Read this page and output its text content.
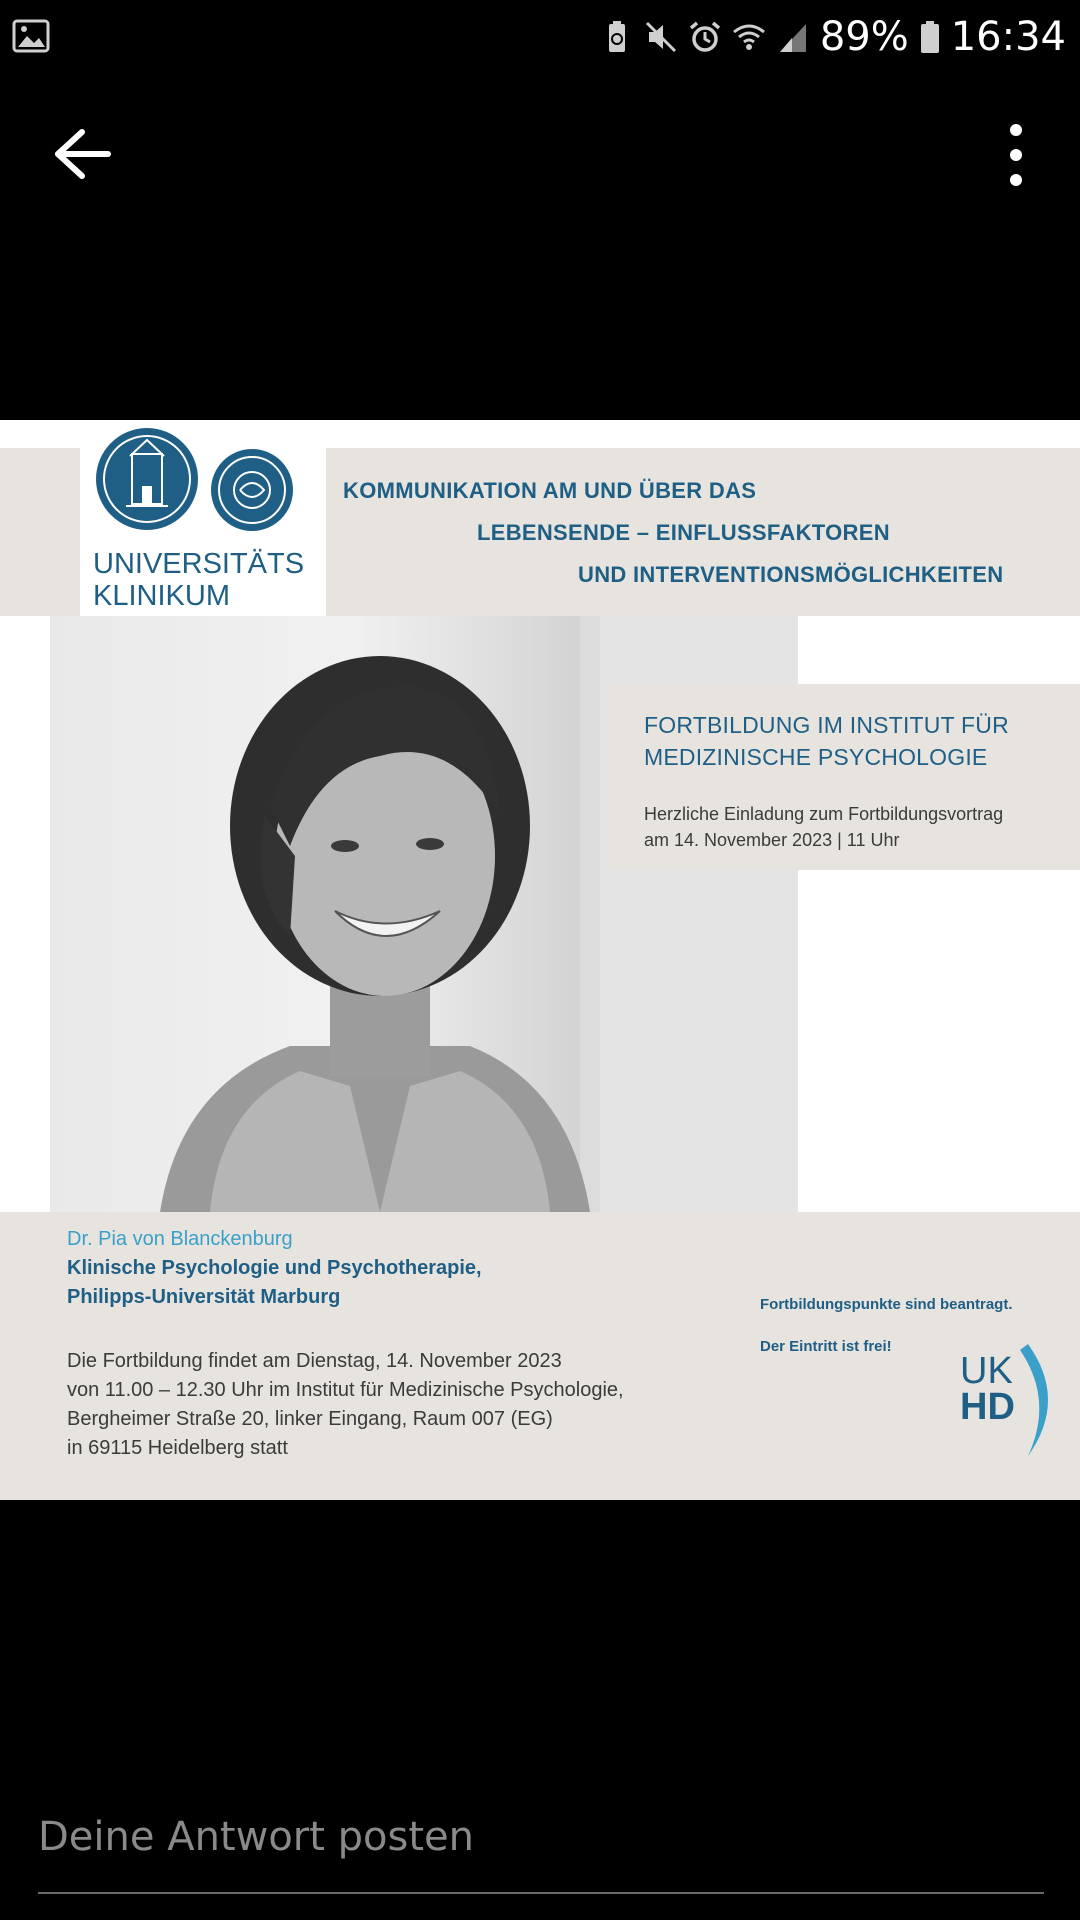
89% 16:34
UNIVERSITÄTS
KLINIKUM
KOMMUNIKATION AM UND ÜBER DAS
LEBENSENDE – EINFLUSSFAKTOREN
UND INTERVENTIONSMÖGLICHKEITEN
FORTBILDUNG IM INSTITUT FÜR
MEDIZINISCHE PSYCHOLOGIE
Herzliche Einladung zum Fortbildungsvortrag
am 14. November 2023 | 11 Uhr
Dr. Pia von Blanckenburg
Klinische Psychologie und Psychotherapie,
Philipps-Universität Marburg
Die Fortbildung findet am Dienstag, 14. November 2023
von 11.00 – 12.30 Uhr im Institut für Medizinische Psychologie,
Bergheimer Straße 20, linker Eingang, Raum 007 (EG)
in 69115 Heidelberg statt
Fortbildungspunkte sind beantragt.
Der Eintritt ist frei!
UK
HD
Deine Antwort posten
